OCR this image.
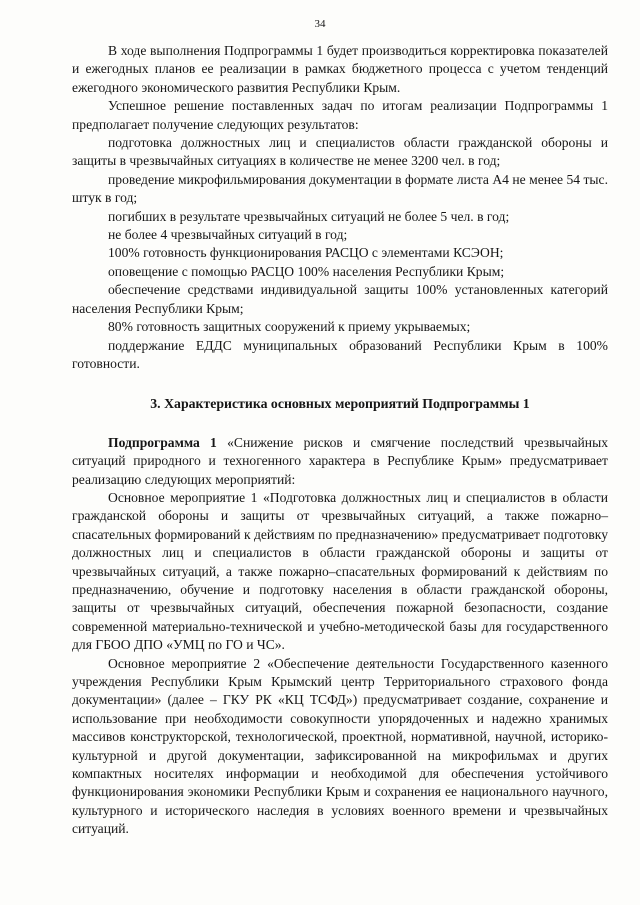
34

В ходе выполнения Подпрограммы 1 будет производиться корректировка показателей и ежегодных планов ее реализации в рамках бюджетного процесса с учетом тенденций ежегодного экономического развития Республики Крым.

Успешное решение поставленных задач по итогам реализации Подпрограммы 1 предполагает получение следующих результатов:

подготовка должностных лиц и специалистов области гражданской обороны и защиты в чрезвычайных ситуациях в количестве не менее 3200 чел. в год;

проведение микрофильмирования документации в формате листа А4 не менее 54 тыс. штук в год;

погибших в результате чрезвычайных ситуаций не более 5 чел. в год;

не более 4 чрезвычайных ситуаций в год;

100% готовность функционирования РАСЦО с элементами КСЭОН;

оповещение с помощью РАСЦО 100% населения Республики Крым;

обеспечение средствами индивидуальной защиты 100% установленных категорий населения Республики Крым;

80% готовность защитных сооружений к приему укрываемых;

поддержание ЕДДС муниципальных образований Республики Крым в 100% готовности.

3. Характеристика основных мероприятий Подпрограммы 1

Подпрограмма 1 «Снижение рисков и смягчение последствий чрезвычайных ситуаций природного и техногенного характера в Республике Крым» предусматривает реализацию следующих мероприятий:

Основное мероприятие 1 «Подготовка должностных лиц и специалистов в области гражданской обороны и защиты от чрезвычайных ситуаций, а также пожарно–спасательных формирований к действиям по предназначению» предусматривает подготовку должностных лиц и специалистов в области гражданской обороны и защиты от чрезвычайных ситуаций, а также пожарно–спасательных формирований к действиям по предназначению, обучение и подготовку населения в области гражданской обороны, защиты от чрезвычайных ситуаций, обеспечения пожарной безопасности, создание современной материально-технической и учебно-методической базы для государственного для ГБОО ДПО «УМЦ по ГО и ЧС».

Основное мероприятие 2 «Обеспечение деятельности Государственного казенного учреждения Республики Крым Крымский центр Территориального страхового фонда документации» (далее – ГКУ РК «КЦ ТСФД») предусматривает создание, сохранение и использование при необходимости совокупности упорядоченных и надежно хранимых массивов конструкторской, технологической, проектной, нормативной, научной, историко-культурной и другой документации, зафиксированной на микрофильмах и других компактных носителях информации и необходимой для обеспечения устойчивого функционирования экономики Республики Крым и сохранения ее национального научного, культурного и исторического наследия в условиях военного времени и чрезвычайных ситуаций.
